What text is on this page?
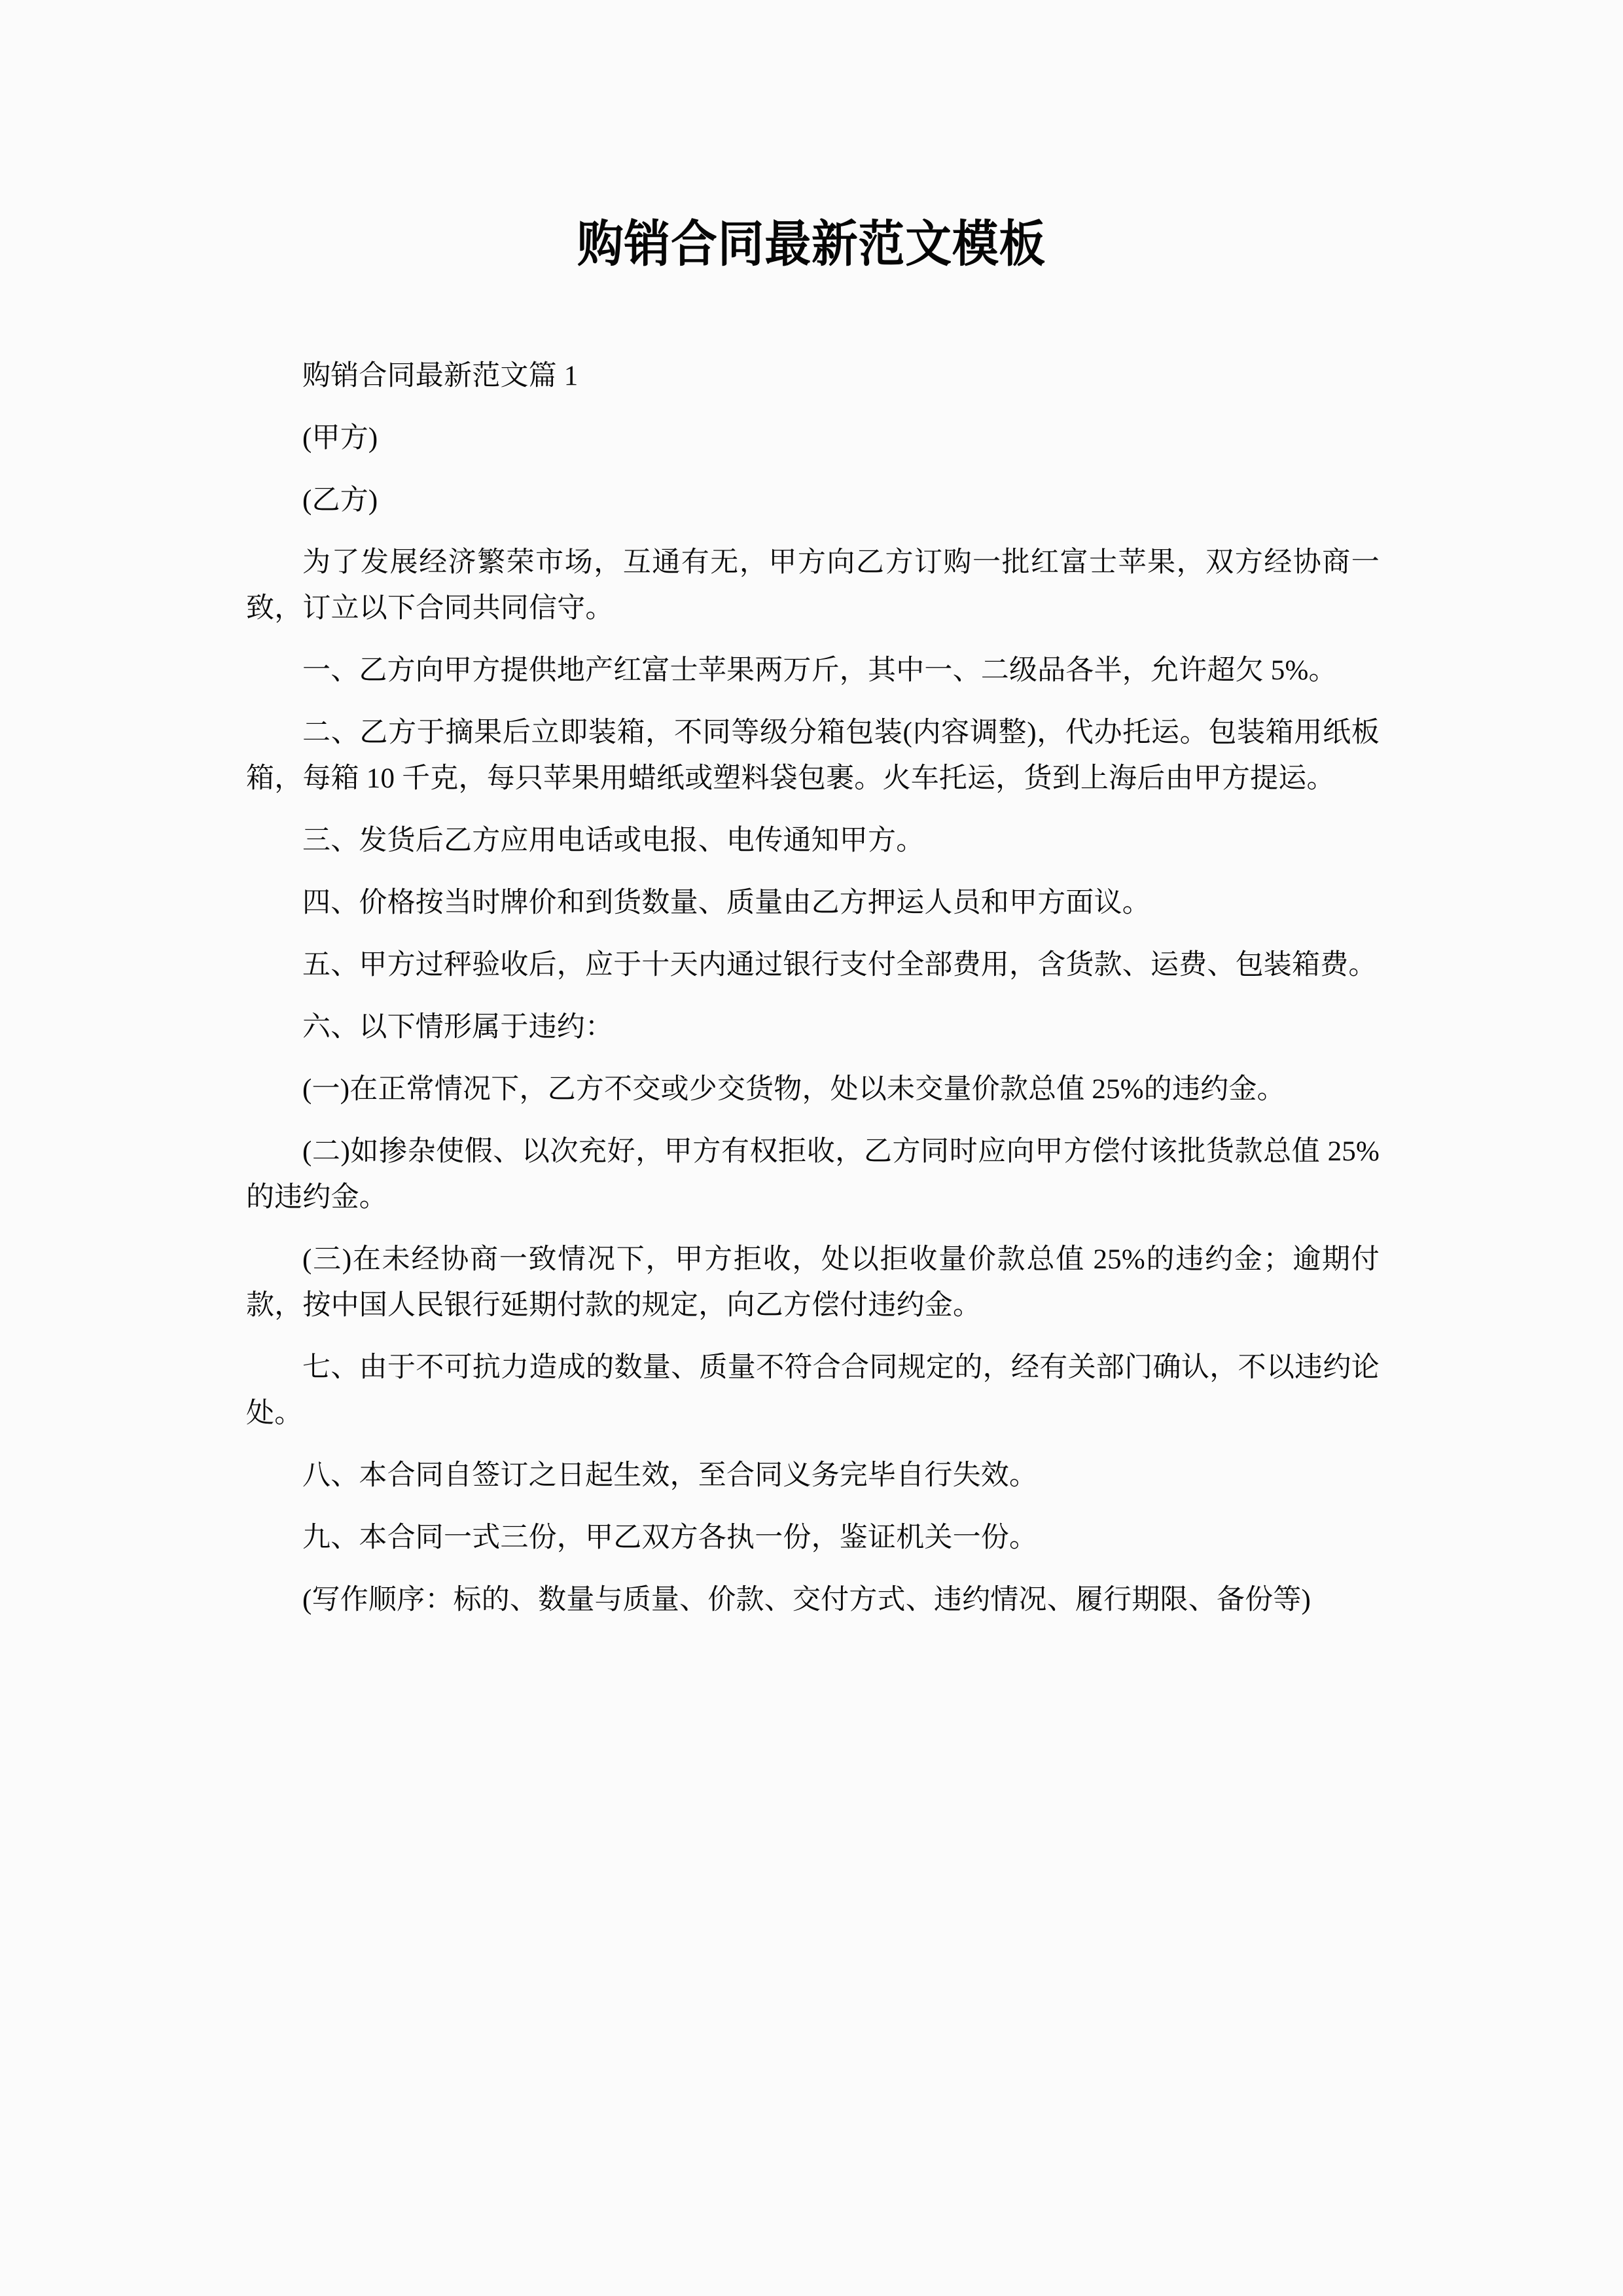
购销合同最新范文模板

购销合同最新范文篇 1

(甲方)

(乙方)

为了发展经济繁荣市场，互通有无，甲方向乙方订购一批红富士苹果，双方经协商一致，订立以下合同共同信守。

一、乙方向甲方提供地产红富士苹果两万斤，其中一、二级品各半，允许超欠 5%。

二、乙方于摘果后立即装箱，不同等级分箱包装(内容调整)，代办托运。包装箱用纸板箱，每箱 10 千克，每只苹果用蜡纸或塑料袋包裹。火车托运，货到上海后由甲方提运。

三、发货后乙方应用电话或电报、电传通知甲方。

四、价格按当时牌价和到货数量、质量由乙方押运人员和甲方面议。

五、甲方过秤验收后，应于十天内通过银行支付全部费用，含货款、运费、包装箱费。

六、以下情形属于违约：

(一)在正常情况下，乙方不交或少交货物，处以未交量价款总值 25%的违约金。

(二)如掺杂使假、以次充好，甲方有权拒收，乙方同时应向甲方偿付该批货款总值 25%的违约金。

(三)在未经协商一致情况下，甲方拒收，处以拒收量价款总值 25%的违约金；逾期付款，按中国人民银行延期付款的规定，向乙方偿付违约金。

七、由于不可抗力造成的数量、质量不符合合同规定的，经有关部门确认，不以违约论处。

八、本合同自签订之日起生效，至合同义务完毕自行失效。

九、本合同一式三份，甲乙双方各执一份，鉴证机关一份。

(写作顺序：标的、数量与质量、价款、交付方式、违约情况、履行期限、备份等)
